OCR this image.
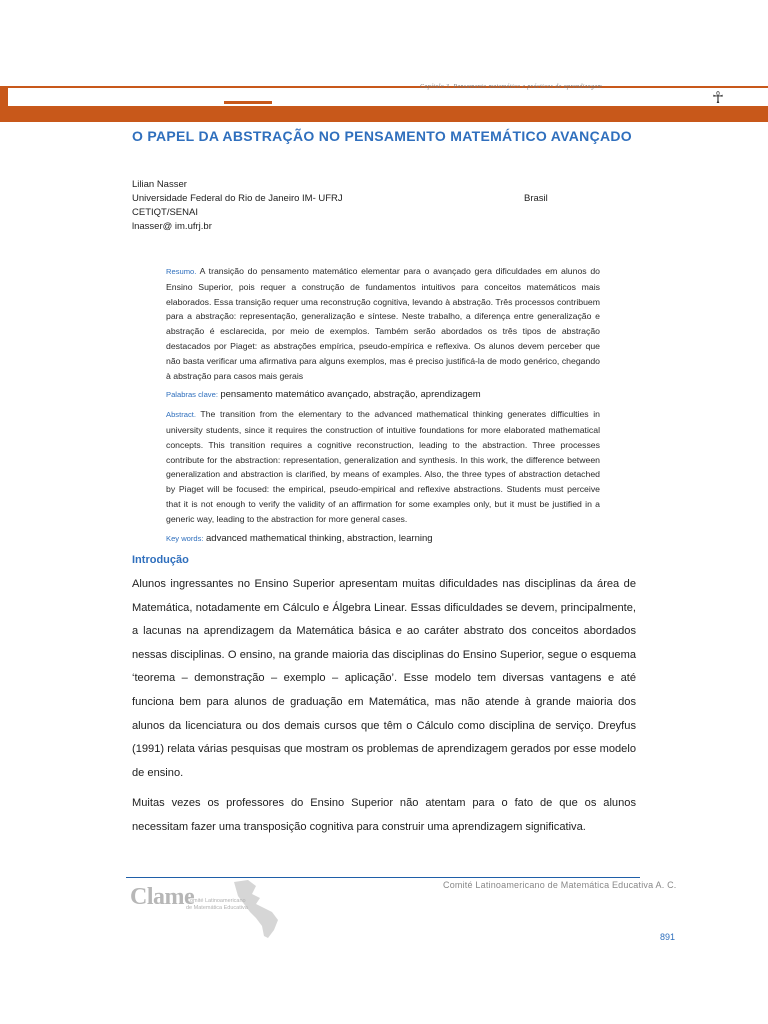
Capítulo 3. Pensamento matemático e prácticas de aprendizagem
☥
O PAPEL DA ABSTRAÇÃO NO PENSAMENTO MATEMÁTICO AVANÇADO
Lilian Nasser
Universidade Federal do Rio de Janeiro IM- UFRJ	Brasil
CETIQT/SENAI
lnasser@ im.ufrj.br
Resumo. A transição do pensamento matemático elementar para o avançado gera dificuldades em alunos do Ensino Superior, pois requer a construção de fundamentos intuitivos para conceitos matemáticos mais elaborados. Essa transição requer uma reconstrução cognitiva, levando à abstração. Três processos contribuem para a abstração: representação, generalização e síntese. Neste trabalho, a diferença entre generalização e abstração é esclarecida, por meio de exemplos. Também serão abordados os três tipos de abstração destacados por Piaget: as abstrações empírica, pseudo-empírica e reflexiva. Os alunos devem perceber que não basta verificar uma afirmativa para alguns exemplos, mas é preciso justificá-la de modo genérico, chegando à abstração para casos mais gerais
Palabras clave: pensamento matemático avançado, abstração, aprendizagem
Abstract. The transition from the elementary to the advanced mathematical thinking generates difficulties in university students, since it requires the construction of intuitive foundations for more elaborated mathematical concepts. This transition requires a cognitive reconstruction, leading to the abstraction. Three processes contribute for the abstraction: representation, generalization and synthesis. In this work, the difference between generalization and abstraction is clarified, by means of examples. Also, the three types of abstraction detached by Piaget will be focused: the empirical, pseudo-empirical and reflexive abstractions. Students must perceive that it is not enough to verify the validity of an affirmation for some examples only, but it must be justified in a generic way, leading to the abstraction for more general cases.
Key words: advanced mathematical thinking, abstraction, learning
Introdução

Alunos ingressantes no Ensino Superior apresentam muitas dificuldades nas disciplinas da área de Matemática, notadamente em Cálculo e Álgebra Linear. Essas dificuldades se devem, principalmente, a lacunas na aprendizagem da Matemática básica e ao caráter abstrato dos conceitos abordados nessas disciplinas. O ensino, na grande maioria das disciplinas do Ensino Superior, segue o esquema ‘teorema – demonstração – exemplo – aplicação’. Esse modelo tem diversas vantagens e até funciona bem para alunos de graduação em Matemática, mas não atende à grande maioria dos alunos da licenciatura ou dos demais cursos que têm o Cálculo como disciplina de serviço. Dreyfus (1991) relata várias pesquisas que mostram os problemas de aprendizagem gerados por esse modelo de ensino.

Muitas vezes os professores do Ensino Superior não atentam para o fato de que os alunos necessitam fazer uma transposição cognitiva para construir uma aprendizagem significativa.

Clame
Comité Latinoamericano
de Matemática Educativa
Comité Latinoamericano de Matemática Educativa A. C.
891
